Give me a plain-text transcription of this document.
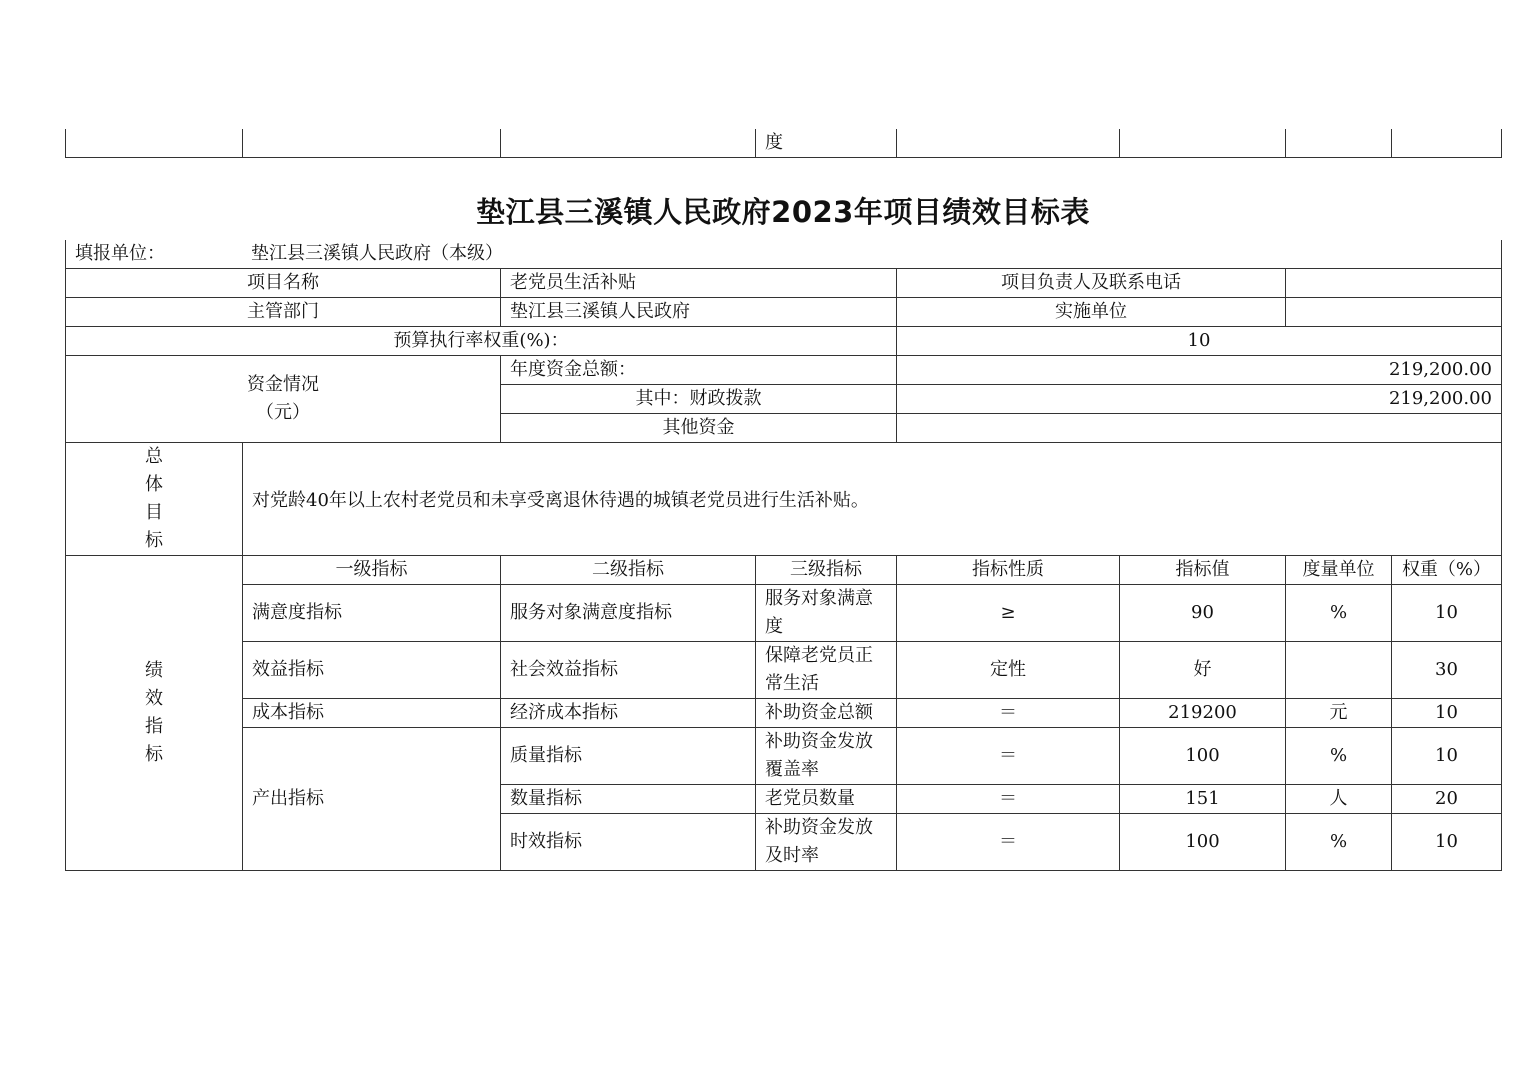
			度				
垫江县三溪镇人民政府2023年项目绩效目标表
填报单位： 垫江县三溪镇人民政府（本级）							
项目名称		老党员生活补贴		项目负责人及联系电话			
主管部门		垫江县三溪镇人民政府		实施单位			
预算执行率权重(%)：				10			

资金情况
（元）		年度资金总额：		219,200.00			
		其中：财政拨款		219,200.00			
		其他资金					

总
体
目
标	对党龄40年以上农村老党员和未享受离退休待遇的城镇老党员进行生活补贴。						

绩
效
指
标	一级指标	二级指标	三级指标	指标性质	指标值	度量单位	权重（%）
	满意度指标	服务对象满意度指标	服务对象满意度	≥	90	%	10
	效益指标	社会效益指标	保障老党员正常生活	定性	好		30
	成本指标	经济成本指标	补助资金总额	＝	219200	元	10
	产出指标	质量指标	补助资金发放覆盖率	＝	100	%	10
		数量指标	老党员数量	＝	151	人	20
		时效指标	补助资金发放及时率	＝	100	%	10
